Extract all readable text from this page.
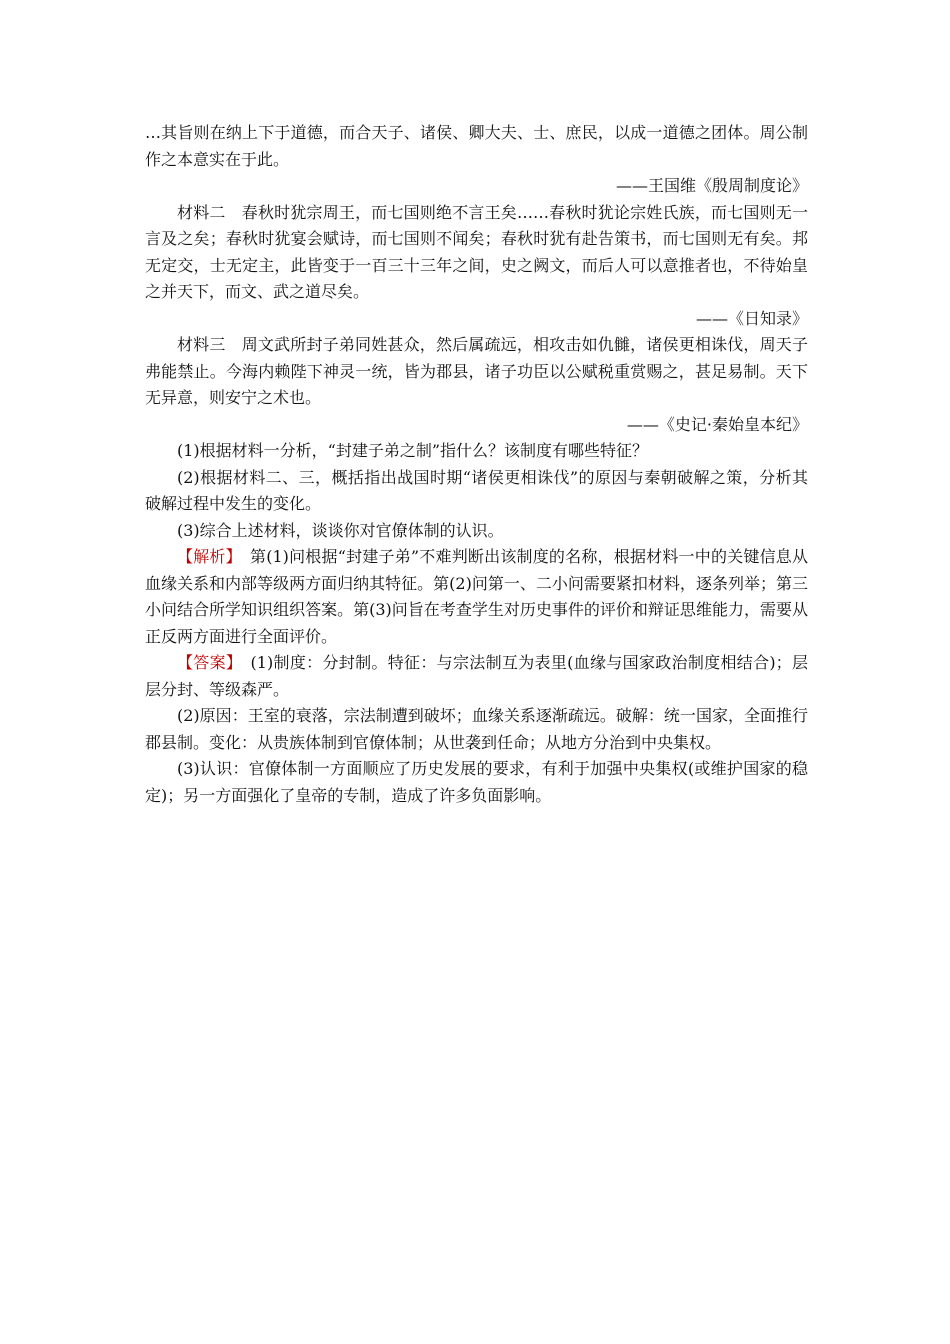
…其旨则在纳上下于道德，而合天子、诸侯、卿大夫、士、庶民，以成一道德之团体。周公制作之本意实在于此。

——王国维《殷周制度论》

材料二　春秋时犹宗周王，而七国则绝不言王矣……春秋时犹论宗姓氏族，而七国则无一言及之矣；春秋时犹宴会赋诗，而七国则不闻矣；春秋时犹有赴告策书，而七国则无有矣。邦无定交，士无定主，此皆变于一百三十三年之间，史之阙文，而后人可以意推者也，不待始皇之并天下，而文、武之道尽矣。

——《日知录》

材料三　周文武所封子弟同姓甚众，然后属疏远，相攻击如仇雠，诸侯更相诛伐，周天子弗能禁止。今海内赖陛下神灵一统，皆为郡县，诸子功臣以公赋税重赏赐之，甚足易制。天下无异意，则安宁之术也。

——《史记·秦始皇本纪》

(1)根据材料一分析，“封建子弟之制”指什么？该制度有哪些特征？

(2)根据材料二、三，概括指出战国时期“诸侯更相诛伐”的原因与秦朝破解之策，分析其破解过程中发生的变化。

(3)综合上述材料，谈谈你对官僚体制的认识。

【解析】　第(1)问根据“封建子弟”不难判断出该制度的名称，根据材料一中的关键信息从血缘关系和内部等级两方面归纳其特征。第(2)问第一、二小问需要紧扣材料，逐条列举；第三小问结合所学知识组织答案。第(3)问旨在考查学生对历史事件的评价和辩证思维能力，需要从正反两方面进行全面评价。

【答案】　(1)制度：分封制。特征：与宗法制互为表里(血缘与国家政治制度相结合)；层层分封、等级森严。

(2)原因：王室的衰落，宗法制遭到破坏；血缘关系逐渐疏远。破解：统一国家，全面推行郡县制。变化：从贵族体制到官僚体制；从世袭到任命；从地方分治到中央集权。

(3)认识：官僚体制一方面顺应了历史发展的要求，有利于加强中央集权(或维护国家的稳定)；另一方面强化了皇帝的专制，造成了许多负面影响。
